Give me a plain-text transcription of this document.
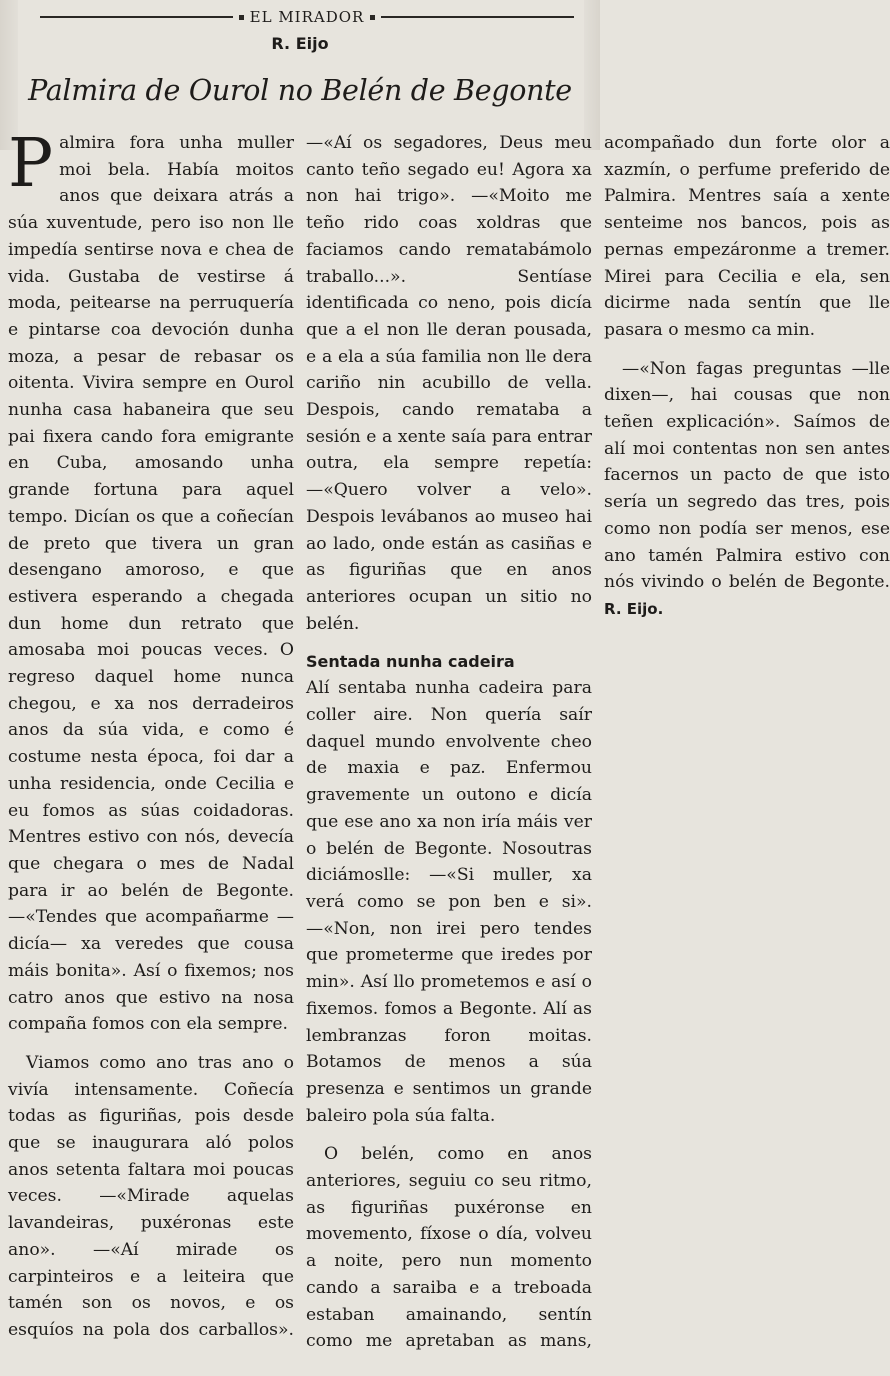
EL MIRADOR
R. Eijo
Palmira de Ourol no Belén de Begonte

Palmira fora unha muller moi bela. Había moitos anos que deixara atrás a súa xuventude, pero iso non lle impedía sentirse nova e chea de vida. Gustaba de vestirse á moda, peitearse na perruquería e pintarse coa devoción dunha moza, a pesar de rebasar os oitenta. Vivira sempre en Ourol nunha casa habaneira que seu pai fixera cando fora emigrante en Cuba, amosando unha grande fortuna para aquel tempo. Dicían os que a coñecían de preto que tivera un gran desengano amoroso, e que estivera esperando a chegada dun home dun retrato que amosaba moi poucas veces. O regreso daquel home nunca chegou, e xa nos derradeiros anos da súa vida, e como é costume nesta época, foi dar a unha residencia, onde Cecilia e eu fomos as súas coidadoras. Mentres estivo con nós, devecía que chegara o mes de Nadal para ir ao belén de Begonte. —«Tendes que acompañarme —dicía— xa veredes que cousa máis bonita». Así o fixemos; nos catro anos que estivo na nosa compaña fomos con ela sempre.

Viamos como ano tras ano o vivía intensamente. Coñecía todas as figuriñas, pois desde que se inaugurara aló polos anos setenta faltara moi poucas veces. —«Mirade aquelas lavandeiras, puxéronas este ano». —«Aí mirade os carpinteiros e a leiteira que tamén son os novos, e os esquíos na pola dos carballos». —«Aí os segadores, Deus meu canto teño segado eu! Agora xa non hai trigo». —«Moito me teño rido coas xoldras que faciamos cando rematabámolo traballo...». Sentíase identificada co neno, pois dicía que a el non lle deran pousada, e a ela a súa familia non lle dera cariño nin acubillo de vella. Despois, cando remataba a sesión e a xente saía para entrar outra, ela sempre repetía: —«Quero volver a velo». Despois levábanos ao museo hai ao lado, onde están as casiñas e as figuriñas que en anos anteriores ocupan un sitio no belén.

Sentada nunha cadeira

Alí sentaba nunha cadeira para coller aire. Non quería saír daquel mundo envolvente cheo de maxia e paz. Enfermou gravemente un outono e dicía que ese ano xa non iría máis ver o belén de Begonte. Nosoutras diciámoslle: —«Si muller, xa verá como se pon ben e si». —«Non, non irei pero tendes que prometerme que iredes por min». Así llo prometemos e así o fixemos. fomos a Begonte. Alí as lembranzas foron moitas. Botamos de menos a súa presenza e sentimos un grande baleiro pola súa falta.

O belén, como en anos anteriores, seguiu co seu ritmo, as figuriñas puxéronse en movemento, fíxose o día, volveu a noite, pero nun momento cando a saraiba e a treboada estaban amainando, sentín como me apretaban as mans, acompañado dun forte olor a xazmín, o perfume preferido de Palmira. Mentres saía a xente senteime nos bancos, pois as pernas empezáronme a tremer. Mirei para Cecilia e ela, sen dicirme nada sentín que lle pasara o mesmo ca min.

—«Non fagas preguntas —lle dixen—, hai cousas que non teñen explicación». Saímos de alí moi contentas non sen antes facernos un pacto de que isto sería un segredo das tres, pois como non podía ser menos, ese ano tamén Palmira estivo con nós vivindo o belén de Begonte. R. Eijo.
